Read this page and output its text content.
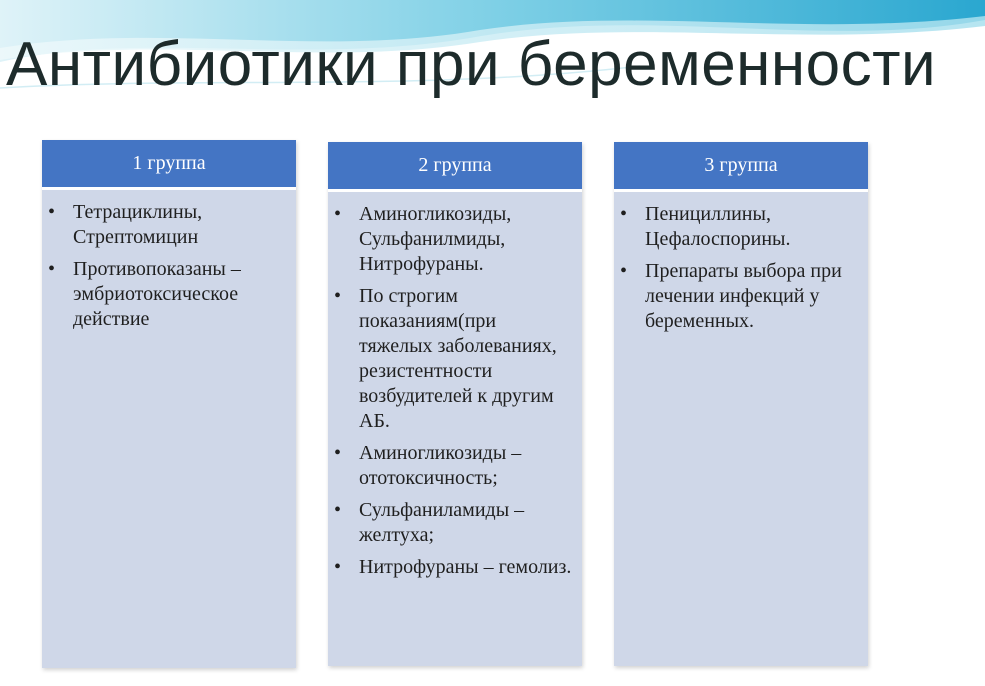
Антибиотики при беременности
1 группа
• Тетрациклины, Стрептомицин
• Противопоказаны – эмбриотоксическое действие
2 группа
• Аминогликозиды, Сульфанилмиды, Нитрофураны.
• По строгим показаниям(при тяжелых заболеваниях, резистентности возбудителей к другим АБ.
• Аминогликозиды – ототоксичность;
• Сульфаниламиды – желтуха;
• Нитрофураны – гемолиз.
3 группа
• Пенициллины, Цефалоспорины.
• Препараты выбора при лечении инфекций у беременных.
